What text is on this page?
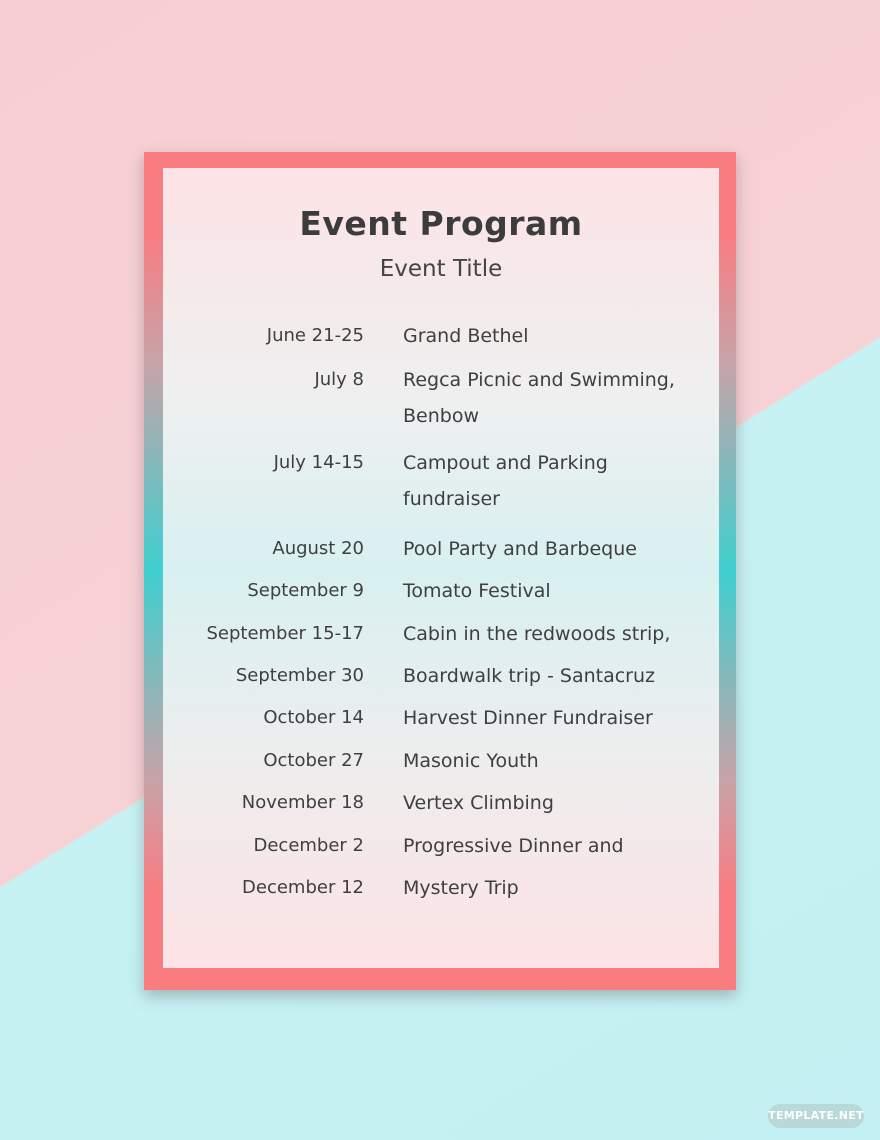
Event Program
Event Title
June 21-25 Grand Bethel
July 8 Regca Picnic and Swimming, Benbow
July 14-15 Campout and Parking fundraiser
August 20 Pool Party and Barbeque
September 9 Tomato Festival
September 15-17 Cabin in the redwoods strip,
September 30 Boardwalk trip - Santacruz
October 14 Harvest Dinner Fundraiser
October 27 Masonic Youth
November 18 Vertex Climbing
December 2 Progressive Dinner and
December 12 Mystery Trip
TEMPLATE.NET
